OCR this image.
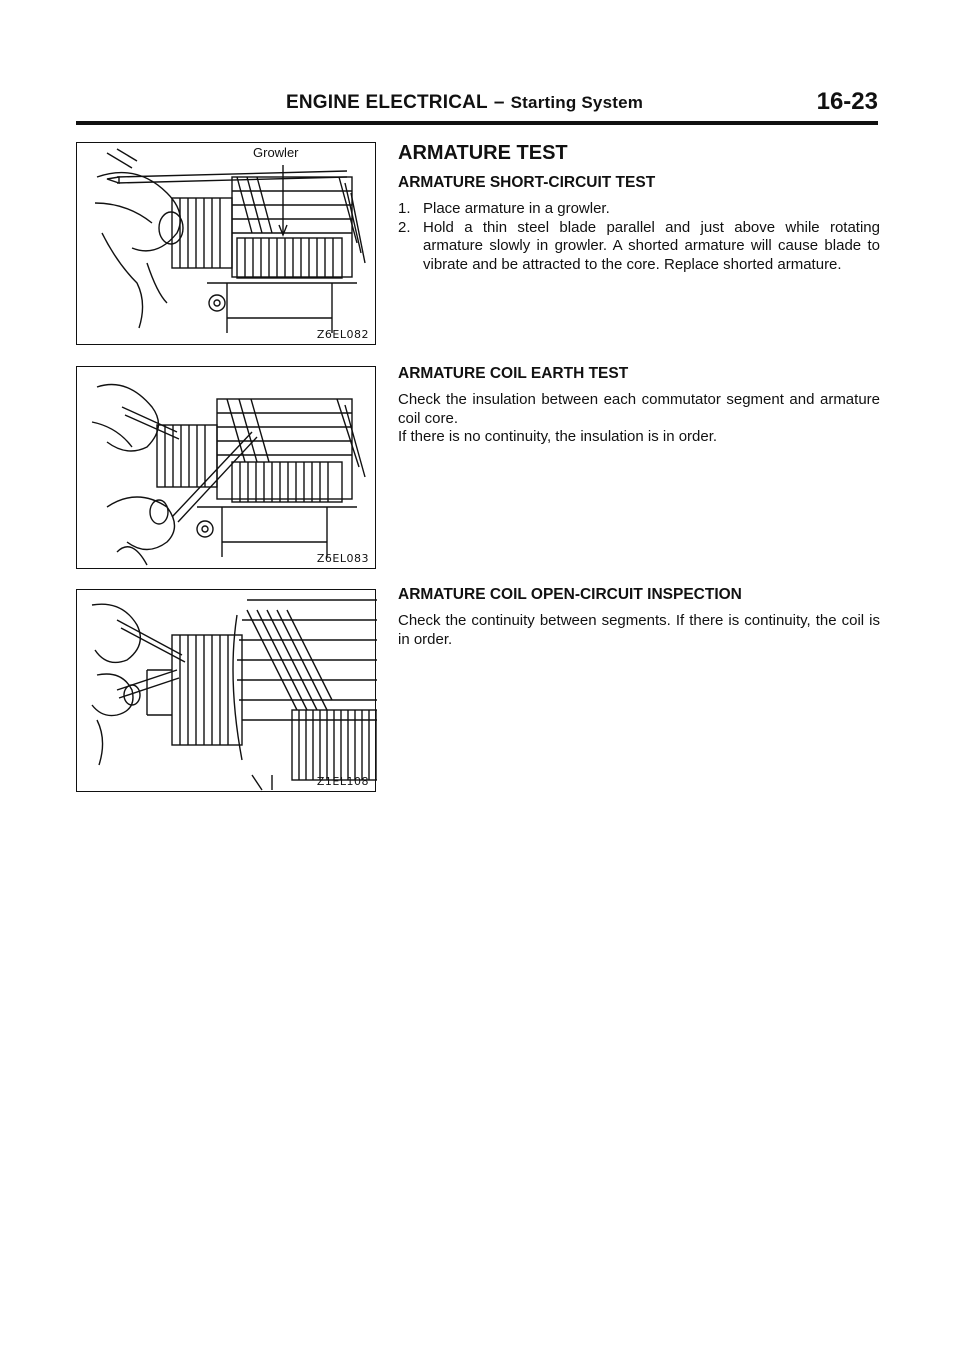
ENGINE ELECTRICAL – Starting System	16-23
Growler
Z6EL082
Z6EL083
Z1EL108
ARMATURE TEST
ARMATURE SHORT-CIRCUIT TEST
1. Place armature in a growler.
2. Hold a thin steel blade parallel and just above while rotating armature slowly in growler. A shorted armature will cause blade to vibrate and be attracted to the core. Replace shorted armature.
ARMATURE COIL EARTH TEST

Check the insulation between each commutator segment and armature coil core.

If there is no continuity, the insulation is in order.

ARMATURE COIL OPEN-CIRCUIT INSPECTION

Check the continuity between segments. If there is continuity, the coil is in order.
